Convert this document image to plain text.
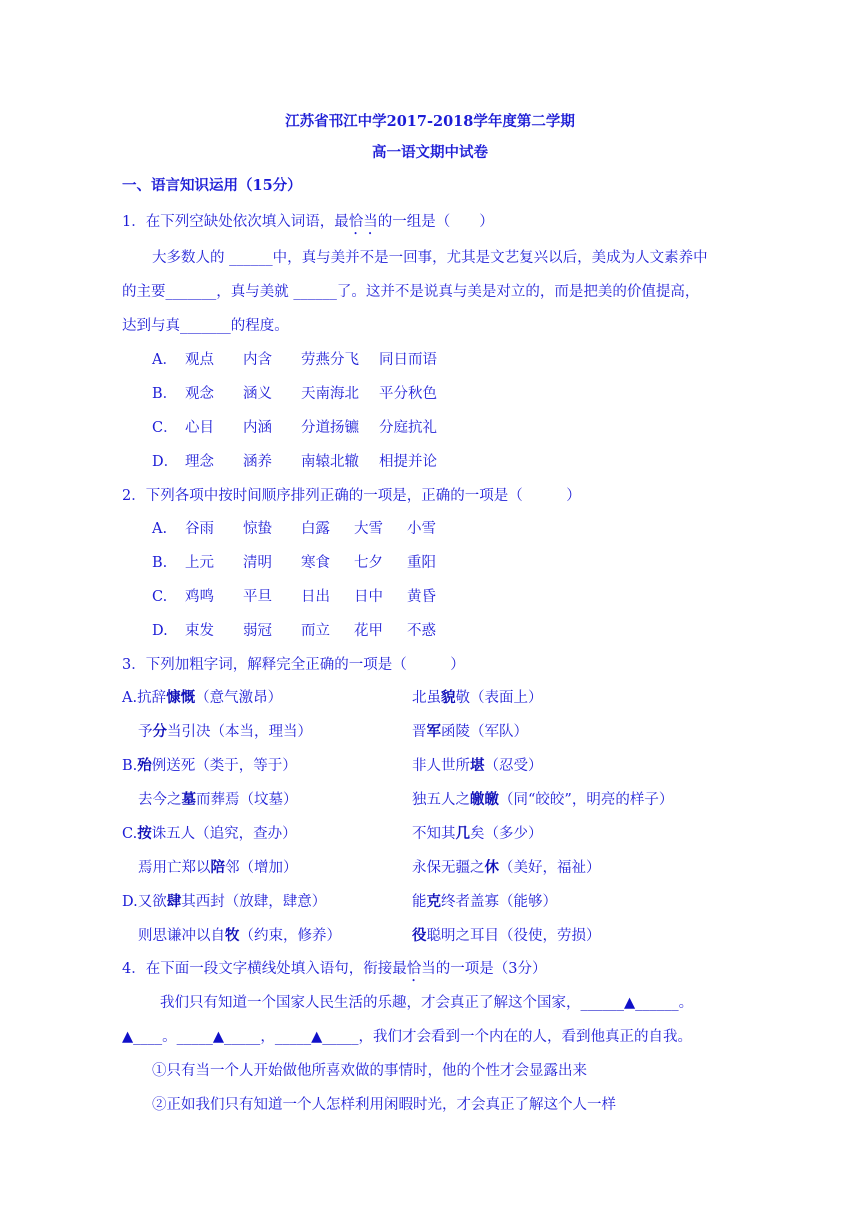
江苏省邗江中学2017-2018学年度第二学期
高一语文期中试卷
一、语言知识运用（15分）
1．在下列空缺处依次填入词语，最恰当的一组是（　　）
大多数人的 ______中，真与美并不是一回事，尤其是文艺复兴以后，美成为人文素养中
的主要_______，真与美就 ______了。这并不是说真与美是对立的，而是把美的价值提高，
达到与真_______的程度。
A． 观点 内含 劳燕分飞 同日而语
B． 观念 涵义 天南海北 平分秋色
C． 心目 内涵 分道扬镳 分庭抗礼
D． 理念 涵养 南辕北辙 相提并论
2．下列各项中按时间顺序排列正确的一项是，正确的一项是（　　　）
A. 谷雨 惊蛰 白露 大雪 小雪
B. 上元 清明 寒食 七夕 重阳
C. 鸡鸣 平旦 日出 日中 黄昏
D. 束发 弱冠 而立 花甲 不惑
3．下列加粗字词，解释完全正确的一项是（　　　）
A.抗辞慷慨（意气激昂）	北虽貌敬（表面上）
予分当引决（本当，理当）	晋军函陵（军队）
B.殆例送死（类于，等于）	非人世所堪（忍受）
去今之墓而葬焉（坟墓）	独五人之皦皦（同“皎皎”，明亮的样子）
C.按诛五人（追究，查办）	不知其几矣（多少）
焉用亡郑以陪邻（增加）	永保无疆之休（美好，福祉）
D.又欲肆其西封（放肆，肆意）	能克终者盖寡（能够）
则思谦冲以自牧（约束，修养）	役聪明之耳目（役使，劳损）
4．在下面一段文字横线处填入语句，衔接最恰当的一项是（3分）
我们只有知道一个国家人民生活的乐趣，才会真正了解这个国家，______▲______。
▲____。_____▲_____，_____▲_____，我们才会看到一个内在的人，看到他真正的自我。
①只有当一个人开始做他所喜欢做的事情时，他的个性才会显露出来
②正如我们只有知道一个人怎样利用闲暇时光，才会真正了解这个人一样
